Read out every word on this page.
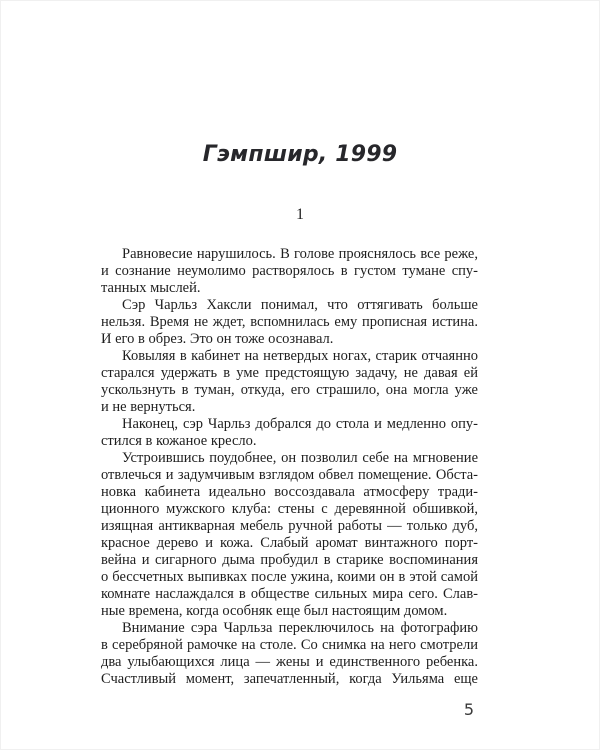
Гэмпшир, 1999
1
Равновесие нарушилось. В голове прояснялось все реже,
и сознание неумолимо растворялось в густом тумане спу-
танных мыслей.
Сэр Чарльз Хаксли понимал, что оттягивать больше
нельзя. Время не ждет, вспомнилась ему прописная истина.
И его в обрез. Это он тоже осознавал.
Ковыляя в кабинет на нетвердых ногах, старик отчаянно
старался удержать в уме предстоящую задачу, не давая ей
ускользнуть в туман, откуда, его страшило, она могла уже
и не вернуться.
Наконец, сэр Чарльз добрался до стола и медленно опу-
стился в кожаное кресло.
Устроившись поудобнее, он позволил себе на мгновение
отвлечься и задумчивым взглядом обвел помещение. Обста-
новка кабинета идеально воссоздавала атмосферу тради-
ционного мужского клуба: стены с деревянной обшивкой,
изящная антикварная мебель ручной работы — только дуб,
красное дерево и кожа. Слабый аромат винтажного порт-
вейна и сигарного дыма пробудил в старике воспоминания
о бессчетных выпивках после ужина, коими он в этой самой
комнате наслаждался в обществе сильных мира сего. Слав-
ные времена, когда особняк еще был настоящим домом.
Внимание сэра Чарльза переключилось на фотографию
в серебряной рамочке на столе. Со снимка на него смотрели
два улыбающихся лица — жены и единственного ребенка.
Счастливый момент, запечатленный, когда Уильяма еще
5
